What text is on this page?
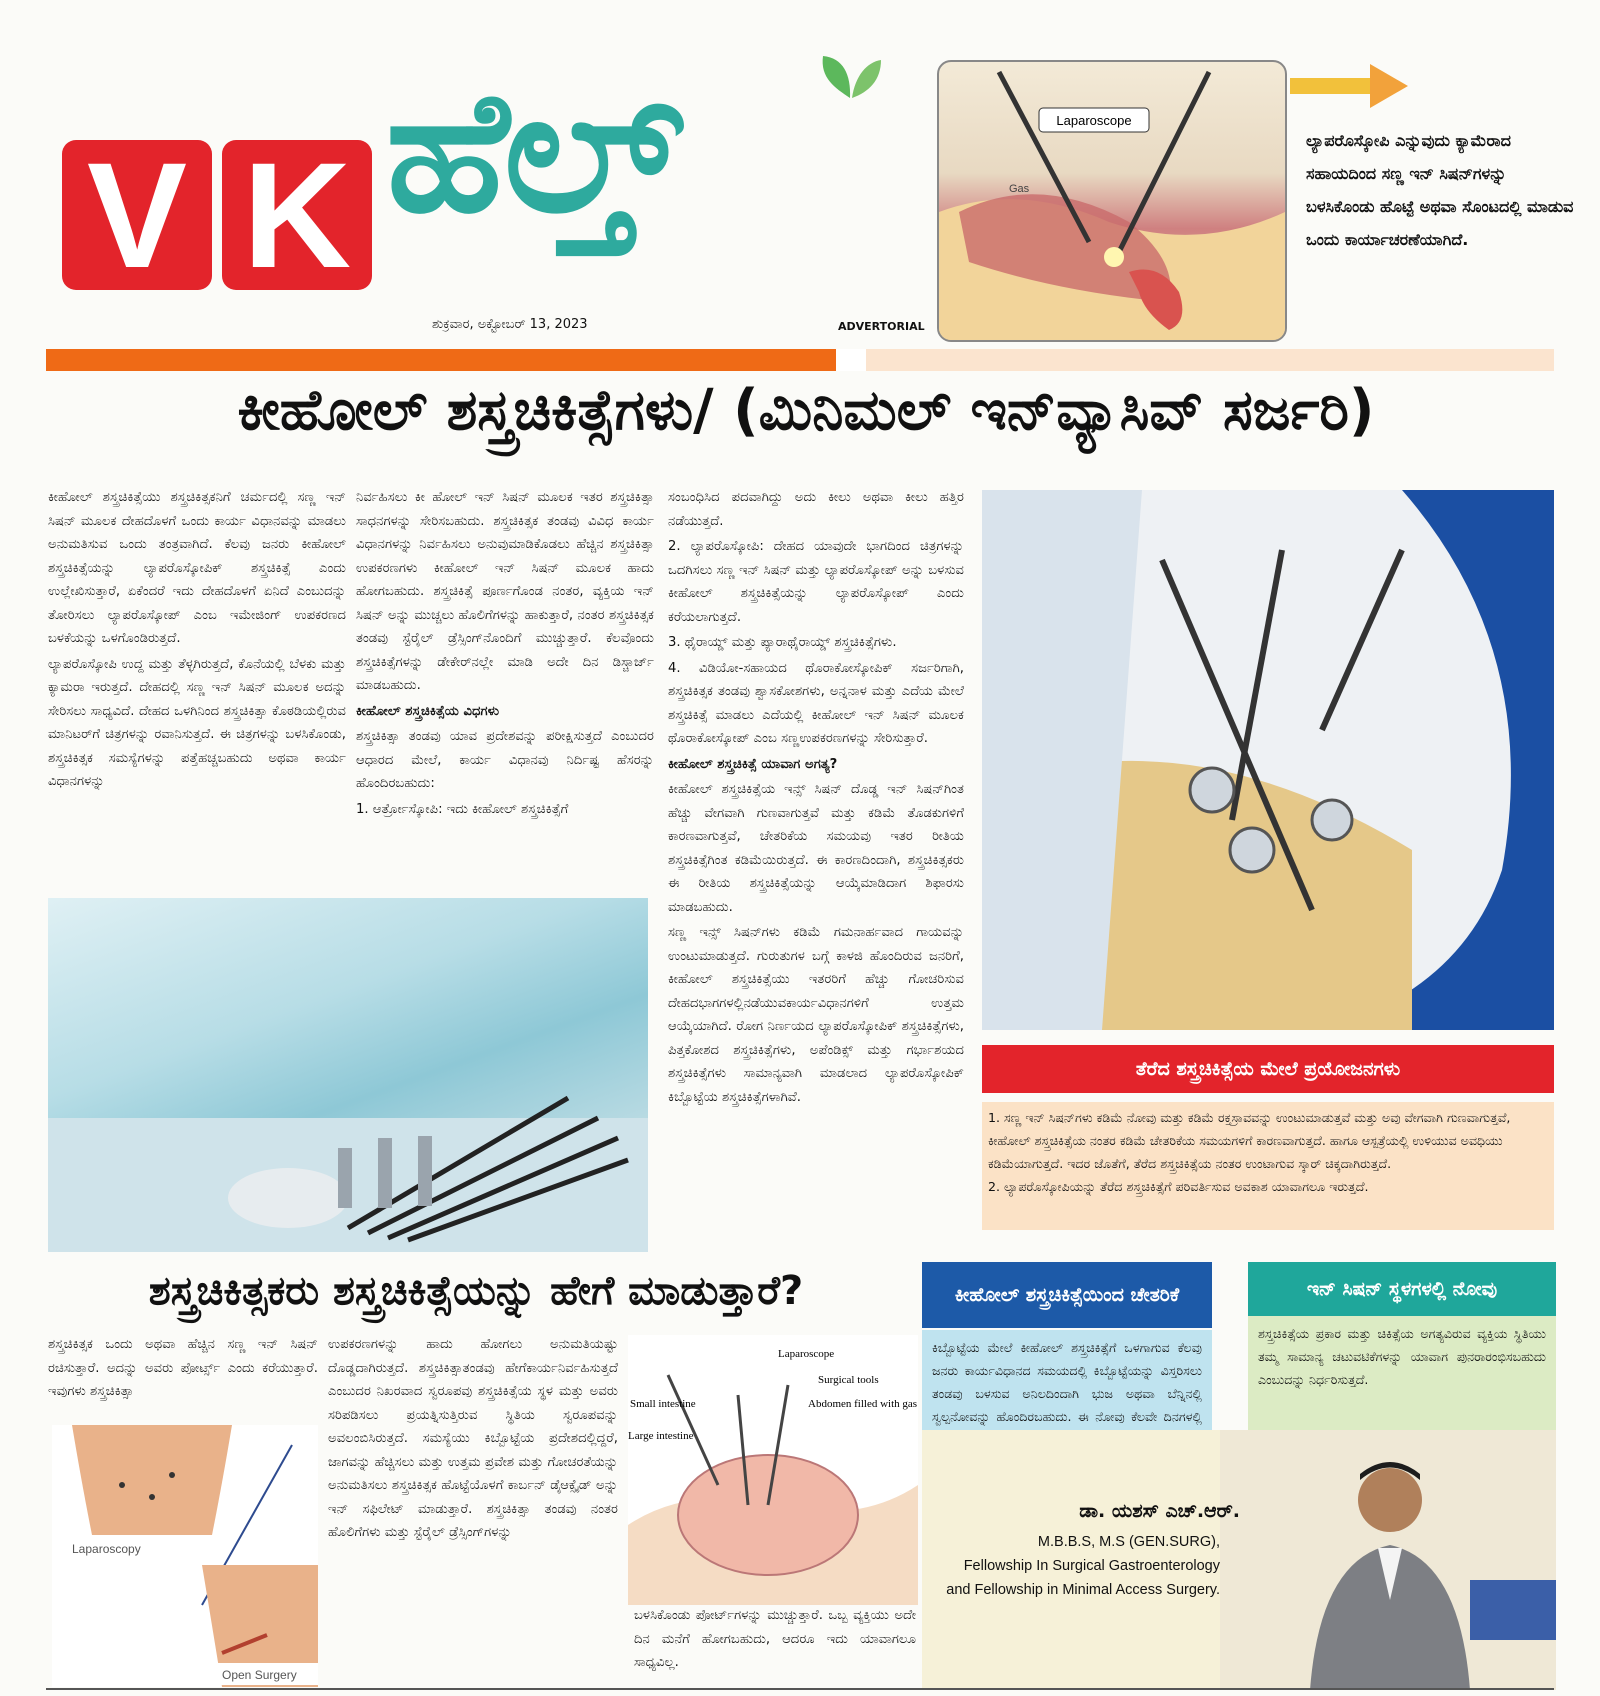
V K ಹೆಲ್ತ್
ಶುಕ್ರವಾರ, ಅಕ್ಟೋಬರ್ 13, 2023	ADVERTORIAL
Laparoscope
Gas
ಲ್ಯಾಪರೊಸ್ಕೋಪಿ ಎನ್ನುವುದು ಕ್ಯಾಮೆರಾದ ಸಹಾಯದಿಂದ ಸಣ್ಣ ಇನ್ ಸಿಷನ್‌ಗಳನ್ನು ಬಳಸಿಕೊಂಡು ಹೊಟ್ಟೆ ಅಥವಾ ಸೊಂಟದಲ್ಲಿ ಮಾಡುವ ಒಂದು ಕಾರ್ಯಾಚರಣೆಯಾಗಿದೆ.
ಕೀಹೋಲ್ ಶಸ್ತ್ರಚಿಕಿತ್ಸೆಗಳು/ (ಮಿನಿಮಲ್ ಇನ್‌ವ್ಯಾಸಿವ್ ಸರ್ಜರಿ)

ಕೀಹೋಲ್ ಶಸ್ತ್ರಚಿಕಿತ್ಸೆಯು ಶಸ್ತ್ರಚಿಕಿತ್ಸಕನಿಗೆ ಚರ್ಮದಲ್ಲಿ ಸಣ್ಣ ಇನ್ ಸಿಷನ್ ಮೂಲಕ ದೇಹದೊಳಗೆ ಒಂದು ಕಾರ್ಯ ವಿಧಾನವನ್ನು ಮಾಡಲು ಅನುಮತಿಸುವ ಒಂದು ತಂತ್ರವಾಗಿದೆ. ಕೆಲವು ಜನರು ಕೀಹೋಲ್ ಶಸ್ತ್ರಚಿಕಿತ್ಸೆಯನ್ನು ಲ್ಯಾಪರೊಸ್ಕೋಪಿಕ್ ಶಸ್ತ್ರಚಿಕಿತ್ಸೆ ಎಂದು ಉಲ್ಲೇಖಿಸುತ್ತಾರೆ, ಏಕೆಂದರೆ ಇದು ದೇಹದೊಳಗೆ ಏನಿದೆ ಎಂಬುದನ್ನು ತೋರಿಸಲು ಲ್ಯಾಪರೊಸ್ಕೋಪ್ ಎಂಬ ಇಮೇಜಿಂಗ್ ಉಪಕರಣದ ಬಳಕೆಯನ್ನು ಒಳಗೊಂಡಿರುತ್ತದೆ.

ಲ್ಯಾಪರೊಸ್ಕೋಪಿ ಉದ್ದ ಮತ್ತು ತೆಳ್ಳಗಿರುತ್ತದೆ, ಕೊನೆಯಲ್ಲಿ ಬೆಳಕು ಮತ್ತು ಕ್ಯಾಮರಾ ಇರುತ್ತದೆ. ದೇಹದಲ್ಲಿ ಸಣ್ಣ ಇನ್ ಸಿಷನ್ ಮೂಲಕ ಅದನ್ನು ಸೇರಿಸಲು ಸಾಧ್ಯವಿದೆ. ದೇಹದ ಒಳಗಿನಿಂದ ಶಸ್ತ್ರಚಿಕಿತ್ಸಾ ಕೊಠಡಿಯಲ್ಲಿರುವ ಮಾನಿಟರ್‌ಗೆ ಚಿತ್ರಗಳನ್ನು ರವಾನಿಸುತ್ತದೆ. ಈ ಚಿತ್ರಗಳನ್ನು ಬಳಸಿಕೊಂಡು, ಶಸ್ತ್ರಚಿಕಿತ್ಸಕ ಸಮಸ್ಯೆಗಳನ್ನು ಪತ್ತೆಹಚ್ಚಬಹುದು ಅಥವಾ ಕಾರ್ಯ ವಿಧಾನಗಳನ್ನು

ನಿರ್ವಹಿಸಲು ಕೀ ಹೋಲ್ ಇನ್ ಸಿಷನ್ ಮೂಲಕ ಇತರ ಶಸ್ತ್ರಚಿಕಿತ್ಸಾ ಸಾಧನಗಳನ್ನು ಸೇರಿಸಬಹುದು. ಶಸ್ತ್ರಚಿಕಿತ್ಸಕ ತಂಡವು ವಿವಿಧ ಕಾರ್ಯ ವಿಧಾನಗಳನ್ನು ನಿರ್ವಹಿಸಲು ಅನುವುಮಾಡಿಕೊಡಲು ಹೆಚ್ಚಿನ ಶಸ್ತ್ರಚಿಕಿತ್ಸಾ ಉಪಕರಣಗಳು ಕೀಹೋಲ್ ಇನ್ ಸಿಷನ್ ಮೂಲಕ ಹಾದು ಹೋಗಬಹುದು. ಶಸ್ತ್ರಚಿಕಿತ್ಸೆ ಪೂರ್ಣಗೊಂಡ ನಂತರ, ವ್ಯಕ್ತಿಯ ಇನ್ ಸಿಷನ್ ಅನ್ನು ಮುಚ್ಚಲು ಹೊಲಿಗೆಗಳನ್ನು ಹಾಕುತ್ತಾರೆ, ನಂತರ ಶಸ್ತ್ರಚಿಕಿತ್ಸಕ ತಂಡವು ಸ್ಟೆರೈಲ್ ಡ್ರೆಸ್ಸಿಂಗ್‌ನೊಂದಿಗೆ ಮುಚ್ಚುತ್ತಾರೆ. ಕೆಲವೊಂದು ಶಸ್ತ್ರಚಿಕಿತ್ಸೆಗಳನ್ನು ಡೇಕೇರ್‌ನಲ್ಲೇ ಮಾಡಿ ಅದೇ ದಿನ ಡಿಸ್ಚಾರ್ಜ್ ಮಾಡಬಹುದು.

ಕೀಹೋಲ್ ಶಸ್ತ್ರಚಿಕಿತ್ಸೆಯ ವಿಧಗಳು

ಶಸ್ತ್ರಚಿಕಿತ್ಸಾ ತಂಡವು ಯಾವ ಪ್ರದೇಶವನ್ನು ಪರೀಕ್ಷಿಸುತ್ತದೆ ಎಂಬುದರ ಆಧಾರದ ಮೇಲೆ, ಕಾರ್ಯ ವಿಧಾನವು ನಿರ್ದಿಷ್ಟ ಹೆಸರನ್ನು ಹೊಂದಿರಬಹುದು:

1. ಆರ್ತ್ರೋಸ್ಕೋಪಿ: ಇದು ಕೀಹೋಲ್ ಶಸ್ತ್ರಚಿಕಿತ್ಸೆಗೆ

ಸಂಬಂಧಿಸಿದ ಪದವಾಗಿದ್ದು ಅದು ಕೀಲು ಅಥವಾ ಕೀಲು ಹತ್ತಿರ ನಡೆಯುತ್ತದೆ.

2. ಲ್ಯಾಪರೊಸ್ಕೋಪಿ: ದೇಹದ ಯಾವುದೇ ಭಾಗದಿಂದ ಚಿತ್ರಗಳನ್ನು ಒದಗಿಸಲು ಸಣ್ಣ ಇನ್ ಸಿಷನ್ ಮತ್ತು ಲ್ಯಾಪರೊಸ್ಕೋಪ್ ಅನ್ನು ಬಳಸುವ ಕೀಹೋಲ್ ಶಸ್ತ್ರಚಿಕಿತ್ಸೆಯನ್ನು ಲ್ಯಾಪರೊಸ್ಕೋಪ್ ಎಂದು ಕರೆಯಲಾಗುತ್ತದೆ.

3. ಥೈರಾಯ್ಡ್ ಮತ್ತು ಪ್ಯಾರಾಥೈರಾಯ್ಡ್ ಶಸ್ತ್ರಚಿಕಿತ್ಸೆಗಳು.

4. ವಿಡಿಯೋ-ಸಹಾಯದ ಥೊರಾಕೋಸ್ಕೋಪಿಕ್ ಸರ್ಜರಿಗಾಗಿ, ಶಸ್ತ್ರಚಿಕಿತ್ಸಕ ತಂಡವು ಶ್ವಾಸಕೋಶಗಳು, ಅನ್ನನಾಳ ಮತ್ತು ಎದೆಯ ಮೇಲೆ ಶಸ್ತ್ರಚಿಕಿತ್ಸೆ ಮಾಡಲು ಎದೆಯಲ್ಲಿ ಕೀಹೋಲ್ ಇನ್ ಸಿಷನ್ ಮೂಲಕ ಥೊರಾಕೋಸ್ಕೋಪ್ ಎಂಬ ಸಣ್ಣಉಪಕರಣಗಳನ್ನು ಸೇರಿಸುತ್ತಾರೆ.

ಕೀಹೋಲ್ ಶಸ್ತ್ರಚಿಕಿತ್ಸೆ ಯಾವಾಗ ಅಗತ್ಯ?

ಕೀಹೋಲ್ ಶಸ್ತ್ರಚಿಕಿತ್ಸೆಯ ಇನ್ಸ್ ಸಿಷನ್ ದೊಡ್ಡ ಇನ್ ಸಿಷನ್‌ಗಿಂತ ಹೆಚ್ಚು ವೇಗವಾಗಿ ಗುಣವಾಗುತ್ತವೆ ಮತ್ತು ಕಡಿಮೆ ತೊಡಕುಗಳಿಗೆ ಕಾರಣವಾಗುತ್ತವೆ, ಚೇತರಿಕೆಯ ಸಮಯವು ಇತರ ರೀತಿಯ ಶಸ್ತ್ರಚಿಕಿತ್ಸೆಗಿಂತ ಕಡಿಮೆಯಿರುತ್ತದೆ. ಈ ಕಾರಣದಿಂದಾಗಿ, ಶಸ್ತ್ರಚಿಕಿತ್ಸಕರು ಈ ರೀತಿಯ ಶಸ್ತ್ರಚಿಕಿತ್ಸೆಯನ್ನು ಆಯ್ಕೆಮಾಡಿದಾಗ ಶಿಫಾರಸು ಮಾಡಬಹುದು.

ಸಣ್ಣ ಇನ್ಸ್ ಸಿಷನ್‌ಗಳು ಕಡಿಮೆ ಗಮನಾರ್ಹವಾದ ಗಾಯವನ್ನು ಉಂಟುಮಾಡುತ್ತದೆ. ಗುರುತುಗಳ ಬಗ್ಗೆ ಕಾಳಜಿ ಹೊಂದಿರುವ ಜನರಿಗೆ, ಕೀಹೋಲ್ ಶಸ್ತ್ರಚಿಕಿತ್ಸೆಯು ಇತರರಿಗೆ ಹೆಚ್ಚು ಗೋಚರಿಸುವ ದೇಹದಭಾಗಗಳಲ್ಲಿನಡೆಯುವಕಾರ್ಯವಿಧಾನಗಳಿಗೆ ಉತ್ತಮ ಆಯ್ಕೆಯಾಗಿದೆ. ರೋಗ ನಿರ್ಣಯದ ಲ್ಯಾಪರೊಸ್ಕೋಪಿಕ್ ಶಸ್ತ್ರಚಿಕಿತ್ಸೆಗಳು, ಪಿತ್ತಕೋಶದ ಶಸ್ತ್ರಚಿಕಿತ್ಸೆಗಳು, ಅಪೆಂಡಿಕ್ಸ್ ಮತ್ತು ಗರ್ಭಾಶಯದ ಶಸ್ತ್ರಚಿಕಿತ್ಸೆಗಳು ಸಾಮಾನ್ಯವಾಗಿ ಮಾಡಲಾದ ಲ್ಯಾಪರೊಸ್ಕೋಪಿಕ್ ಕಿಬ್ಬೊಟ್ಟೆಯ ಶಸ್ತ್ರಚಿಕಿತ್ಸೆಗಳಾಗಿವೆ.

ತೆರೆದ ಶಸ್ತ್ರಚಿಕಿತ್ಸೆಯ ಮೇಲೆ ಪ್ರಯೋಜನಗಳು
1. ಸಣ್ಣ ಇನ್ ಸಿಷನ್‌ಗಳು ಕಡಿಮೆ ನೋವು ಮತ್ತು ಕಡಿಮೆ ರಕ್ತಸ್ರಾವವನ್ನು ಉಂಟುಮಾಡುತ್ತವೆ ಮತ್ತು ಅವು ವೇಗವಾಗಿ ಗುಣವಾಗುತ್ತವೆ, ಕೀಹೋಲ್ ಶಸ್ತ್ರಚಿಕಿತ್ಸೆಯ ನಂತರ ಕಡಿಮೆ ಚೇತರಿಕೆಯ ಸಮಯಗಳಿಗೆ ಕಾರಣವಾಗುತ್ತದೆ. ಹಾಗೂ ಆಸ್ಪತ್ರೆಯಲ್ಲಿ ಉಳಿಯುವ ಅವಧಿಯು ಕಡಿಮೆಯಾಗುತ್ತದೆ. ಇದರ ಜೊತೆಗೆ, ತೆರೆದ ಶಸ್ತ್ರಚಿಕಿತ್ಸೆಯ ನಂತರ ಉಂಟಾಗುವ ಸ್ಕಾರ್ ಚಿಕ್ಕದಾಗಿರುತ್ತದೆ.
2. ಲ್ಯಾಪರೊಸ್ಕೋಪಿಯನ್ನು ತೆರೆದ ಶಸ್ತ್ರಚಿಕಿತ್ಸೆಗೆ ಪರಿವರ್ತಿಸುವ ಅವಕಾಶ ಯಾವಾಗಲೂ ಇರುತ್ತದೆ.
ಶಸ್ತ್ರಚಿಕಿತ್ಸಕರು ಶಸ್ತ್ರಚಿಕಿತ್ಸೆಯನ್ನು ಹೇಗೆ ಮಾಡುತ್ತಾರೆ?
ಶಸ್ತ್ರಚಿಕಿತ್ಸಕ ಒಂದು ಅಥವಾ ಹೆಚ್ಚಿನ ಸಣ್ಣ ಇನ್ ಸಿಷನ್ ರಚಿಸುತ್ತಾರೆ. ಅದನ್ನು ಅವರು ಪೋರ್ಟ್ಸ್ ಎಂದು ಕರೆಯುತ್ತಾರೆ. ಇವುಗಳು ಶಸ್ತ್ರಚಿಕಿತ್ಸಾ
ಉಪಕರಣಗಳನ್ನು ಹಾದು ಹೋಗಲು ಅನುಮತಿಯಷ್ಟು ದೊಡ್ಡದಾಗಿರುತ್ತದೆ. ಶಸ್ತ್ರಚಿಕಿತ್ಸಾತಂಡವು ಹೇಗೆಕಾರ್ಯನಿರ್ವಹಿಸುತ್ತದೆ ಎಂಬುದರ ನಿಖರವಾದ ಸ್ವರೂಪವು ಶಸ್ತ್ರಚಿಕಿತ್ಸೆಯ ಸ್ಥಳ ಮತ್ತು ಅವರು ಸರಿಪಡಿಸಲು ಪ್ರಯತ್ನಿಸುತ್ತಿರುವ ಸ್ಥಿತಿಯ ಸ್ವರೂಪವನ್ನು ಅವಲಂಬಿಸಿರುತ್ತದೆ. ಸಮಸ್ಯೆಯು ಕಿಬ್ಬೊಟ್ಟೆಯ ಪ್ರದೇಶದಲ್ಲಿದ್ದರೆ, ಜಾಗವನ್ನು ಹೆಚ್ಚಿಸಲು ಮತ್ತು ಉತ್ತಮ ಪ್ರವೇಶ ಮತ್ತು ಗೋಚರತೆಯನ್ನು ಅನುಮತಿಸಲು ಶಸ್ತ್ರಚಿಕಿತ್ಸಕ ಹೊಟ್ಟೆಯೊಳಗೆ ಕಾರ್ಬನ್ ಡೈಆಕ್ಸೈಡ್ ಅನ್ನು ಇನ್ ಸಫಿಲೇಟ್ ಮಾಡುತ್ತಾರೆ. ಶಸ್ತ್ರಚಿಕಿತ್ಸಾ ತಂಡವು ನಂತರ ಹೊಲಿಗೆಗಳು ಮತ್ತು ಸ್ಟೆರೈಲ್ ಡ್ರೆಸ್ಸಿಂಗ್‌ಗಳನ್ನು
ಬಳಸಿಕೊಂಡು ಪೋರ್ಟ್‌ಗಳನ್ನು ಮುಚ್ಚುತ್ತಾರೆ. ಒಬ್ಬ ವ್ಯಕ್ತಿಯು ಅದೇ ದಿನ ಮನೆಗೆ ಹೋಗಬಹುದು, ಆದರೂ ಇದು ಯಾವಾಗಲೂ ಸಾಧ್ಯವಿಲ್ಲ.
Laparoscopy
Open Surgery
Laparoscope
Surgical tools
Small intestine	Abdomen filled with gas
Large intestine
ಕೀಹೋಲ್ ಶಸ್ತ್ರಚಿಕಿತ್ಸೆಯಿಂದ ಚೇತರಿಕೆ
ಕಿಬ್ಬೊಟ್ಟೆಯ ಮೇಲೆ ಕೀಹೋಲ್ ಶಸ್ತ್ರಚಿಕಿತ್ಸೆಗೆ ಒಳಗಾಗುವ ಕೆಲವು ಜನರು ಕಾರ್ಯವಿಧಾನದ ಸಮಯದಲ್ಲಿ ಕಿಬ್ಬೊಟ್ಟೆಯನ್ನು ವಿಸ್ತರಿಸಲು ತಂಡವು ಬಳಸುವ ಅನಿಲದಿಂದಾಗಿ ಭುಜ ಅಥವಾ ಬೆನ್ನಿನಲ್ಲಿ ಸ್ವಲ್ಪನೋವನ್ನು ಹೊಂದಿರಬಹುದು. ಈ ನೋವು ಕೆಲವೇ ದಿನಗಳಲ್ಲಿ
ಇನ್ ಸಿಷನ್ ಸ್ಥಳಗಳಲ್ಲಿ ನೋವು
ಶಸ್ತ್ರಚಿಕಿತ್ಸೆಯ ಪ್ರಕಾರ ಮತ್ತು ಚಿಕಿತ್ಸೆಯ ಅಗತ್ಯವಿರುವ ವ್ಯಕ್ತಿಯ ಸ್ಥಿತಿಯು ತಮ್ಮ ಸಾಮಾನ್ಯ ಚಟುವಟಿಕೆಗಳನ್ನು ಯಾವಾಗ ಪುನರಾರಂಭಿಸಬಹುದು ಎಂಬುದನ್ನು ನಿರ್ಧರಿಸುತ್ತದೆ.
ಡಾ. ಯಶಸ್ ಎಚ್.ಆರ್.
M.B.B.S, M.S (GEN.SURG),
Fellowship In Surgical Gastroenterology
and Fellowship in Minimal Access Surgery.
